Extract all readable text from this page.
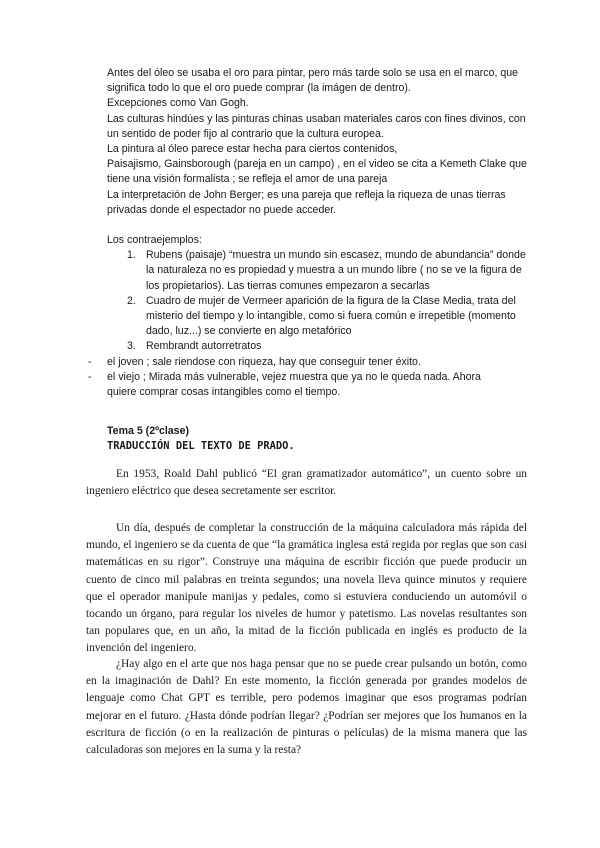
Antes del óleo se usaba el oro para pintar, pero más tarde solo se usa en el marco, que significa todo lo que el oro puede comprar (la imágen de dentro).

Excepciones como Van Gogh.

Las culturas hindúes y las pinturas chinas usaban materiales caros con fines divinos, con un sentido de poder fijo al contrario que la cultura europea.

La pintura al óleo parece estar hecha para ciertos contenidos,

Paisajismo, Gainsborough (pareja en un campo) , en el video se cita a Kemeth Clake que tiene una visión formalista ; se refleja el amor de una pareja

La interpretación de John Berger; es una pareja que refleja la riqueza de unas tierras privadas donde el espectador no puede acceder.

Los contraejemplos:

1. Rubens (paisaje) “muestra un mundo sin escasez, mundo de abundancia” donde la naturaleza no es propiedad y muestra a un mundo libre ( no se ve la figura de los propietarios). Las tierras comunes empezaron a secarlas
2. Cuadro de mujer de Vermeer aparición de la figura de la Clase Media, trata del misterio del tiempo y lo intangible, como si fuera común e irrepetible (momento dado, luz...) se convierte en algo metafórico
3. Rembrandt autorretratos
- el joven ; sale riendose con riqueza, hay que conseguir tener éxito.
- el viejo ; Mirada más vulnerable, vejez muestra que ya no le queda nada. Ahora quiere comprar cosas intangibles como el tiempo.
Tema 5 (2ºclase)
TRADUCCIÓN DEL TEXTO DE PRADO.

En 1953, Roald Dahl publicó “El gran gramatizador automático”, un cuento sobre un ingeniero eléctrico que desea secretamente ser escritor.

Un día, después de completar la construcción de la máquina calculadora más rápida del mundo, el ingeniero se da cuenta de que “la gramática inglesa está regida por reglas que son casi matemáticas en su rigor”. Construye una máquina de escribir ficción que puede producir un cuento de cinco mil palabras en treinta segundos; una novela lleva quince minutos y requiere que el operador manipule manijas y pedales, como si estuviera conduciendo un automóvil o tocando un órgano, para regular los niveles de humor y patetismo. Las novelas resultantes son tan populares que, en un año, la mitad de la ficción publicada en inglés es producto de la invención del ingeniero.

¿Hay algo en el arte que nos haga pensar que no se puede crear pulsando un botón, como en la imaginación de Dahl? En este momento, la ficción generada por grandes modelos de lenguaje como Chat GPT es terrible, pero podemos imaginar que esos programas podrían mejorar en el futuro. ¿Hasta dónde podrían llegar? ¿Podrían ser mejores que los humanos en la escritura de ficción (o en la realización de pinturas o películas) de la misma manera que las calculadoras son mejores en la suma y la resta?
